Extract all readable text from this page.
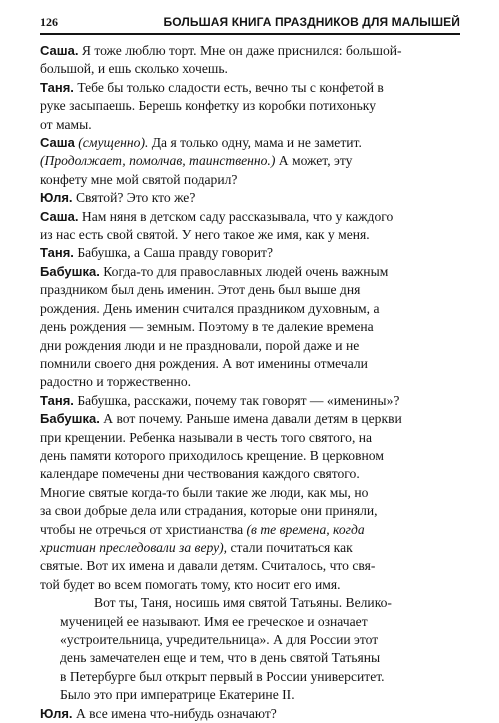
126	БОЛЬШАЯ КНИГА ПРАЗДНИКОВ ДЛЯ МАЛЫШЕЙ

Саша. Я тоже люблю торт. Мне он даже приснился: большой-
большой, и ешь сколько хочешь.

Таня. Тебе бы только сладости есть, вечно ты с конфетой в
руке засыпаешь. Берешь конфетку из коробки потихоньку
от мамы.

Саша (смущенно). Да я только одну, мама и не заметит.
(Продолжает, помолчав, таинственно.) А может, эту
конфету мне мой святой подарил?

Юля. Святой? Это кто же?

Саша. Нам няня в детском саду рассказывала, что у каждого
из нас есть свой святой. У него такое же имя, как у меня.

Таня. Бабушка, а Саша правду говорит?

Бабушка. Когда-то для православных людей очень важным
праздником был день именин. Этот день был выше дня
рождения. День именин считался праздником духовным, а
день рождения — земным. Поэтому в те далекие времена
дни рождения люди и не праздновали, порой даже и не
помнили своего дня рождения. А вот именины отмечали
радостно и торжественно.

Таня. Бабушка, расскажи, почему так говорят — «именины»?

Бабушка. А вот почему. Раньше имена давали детям в церкви
при крещении. Ребенка называли в честь того святого, на
день памяти которого приходилось крещение. В церковном
календаре помечены дни чествования каждого святого.
Многие святые когда-то были такие же люди, как мы, но
за свои добрые дела или страдания, которые они приняли,
чтобы не отречься от христианства (в те времена, когда
христиан преследовали за веру), стали почитаться как
святые. Вот их имена и давали детям. Считалось, что свя-
той будет во всем помогать тому, кто носит его имя.

Вот ты, Таня, носишь имя святой Татьяны. Велико-
мученицей ее называют. Имя ее греческое и означает
«устроительница, учредительница». А для России этот
день замечателен еще и тем, что в день святой Татьяны
в Петербурге был открыт первый в России университет.
Было это при императрице Екатерине II.

Юля. А все имена что-нибудь означают?
